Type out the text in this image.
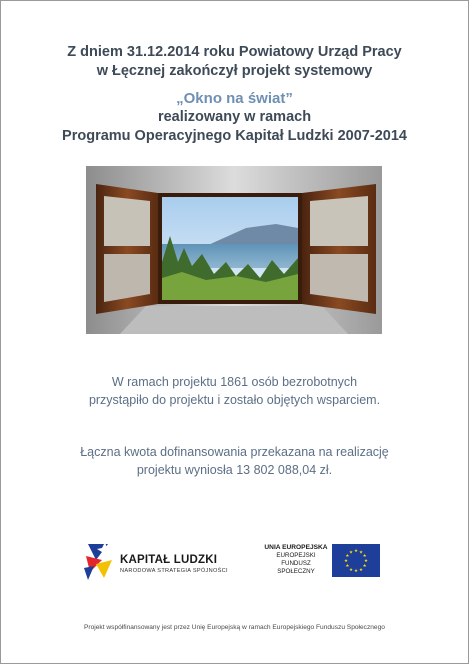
Z dniem 31.12.2014 roku Powiatowy Urząd Pracy
w Łęcznej zakończył projekt systemowy
„Okno na świat”
realizowany w ramach
Programu Operacyjnego Kapitał Ludzki 2007-2014
W ramach projektu 1861 osób bezrobotnych
przystąpiło do projektu i zostało objętych wsparciem.
Łączna kwota dofinansowania przekazana na realizację
projektu wyniosła 13 802 088,04 zł.
KAPITAŁ LUDZKI
NARODOWA STRATEGIA SPÓJNOŚCI
UNIA EUROPEJSKA
EUROPEJSKI
FUNDUSZ SPOŁECZNY
★ ★
★
★
★
★
★
★
★
★
★
★
Projekt współfinansowany jest przez Unię Europejską w ramach Europejskiego Funduszu Społecznego
